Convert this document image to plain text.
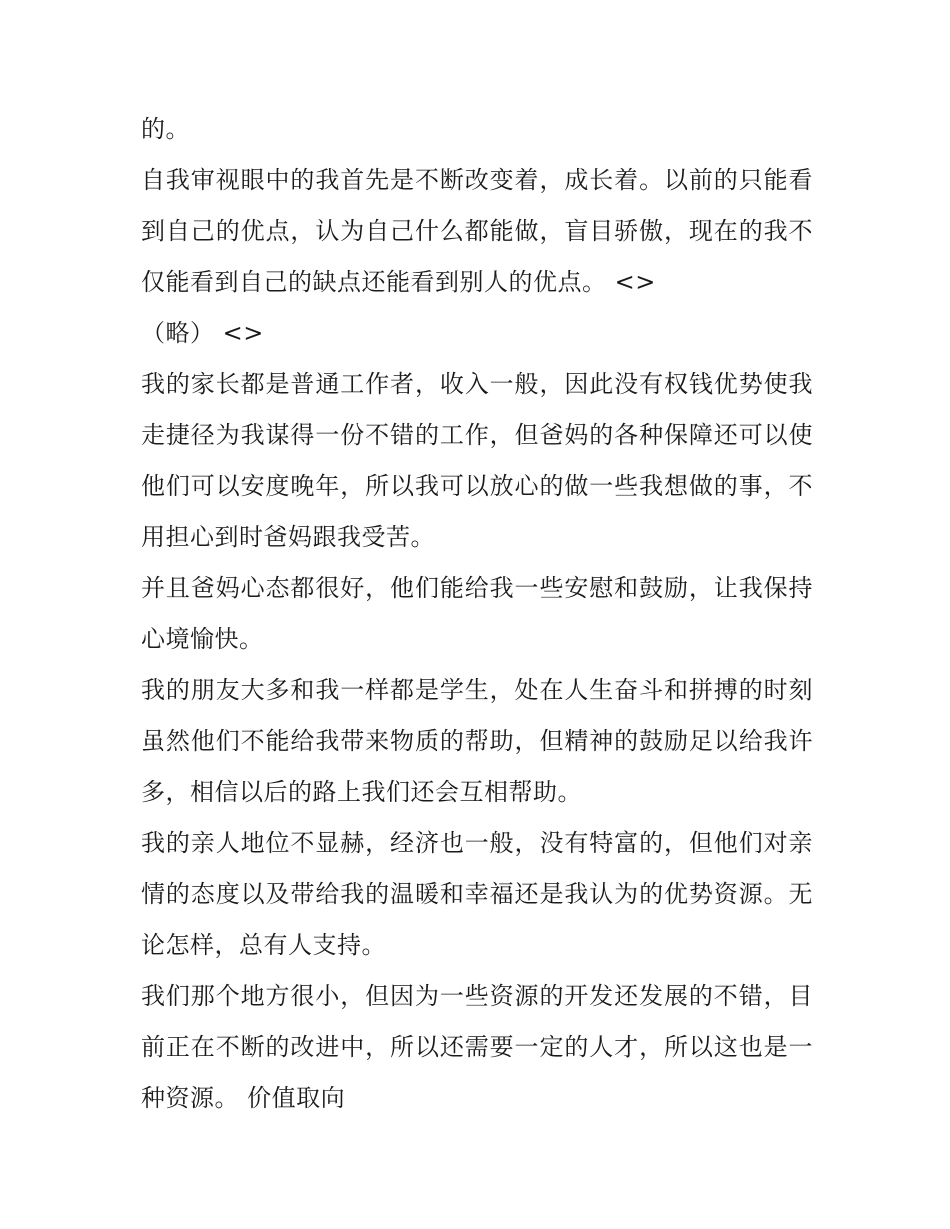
的。

自我审视眼中的我首先是不断改变着，成长着。以前的只能看到自己的优点，认为自己什么都能做，盲目骄傲，现在的我不仅能看到自己的缺点还能看到别人的优点。 <>

（略） <>

我的家长都是普通工作者，收入一般，因此没有权钱优势使我走捷径为我谋得一份不错的工作，但爸妈的各种保障还可以使他们可以安度晚年，所以我可以放心的做一些我想做的事，不用担心到时爸妈跟我受苦。

并且爸妈心态都很好，他们能给我一些安慰和鼓励，让我保持心境愉快。

我的朋友大多和我一样都是学生，处在人生奋斗和拼搏的时刻虽然他们不能给我带来物质的帮助，但精神的鼓励足以给我许多，相信以后的路上我们还会互相帮助。

我的亲人地位不显赫，经济也一般，没有特富的，但他们对亲情的态度以及带给我的温暖和幸福还是我认为的优势资源。无论怎样，总有人支持。

我们那个地方很小，但因为一些资源的开发还发展的不错，目前正在不断的改进中，所以还需要一定的人才，所以这也是一种资源。 价值取向
